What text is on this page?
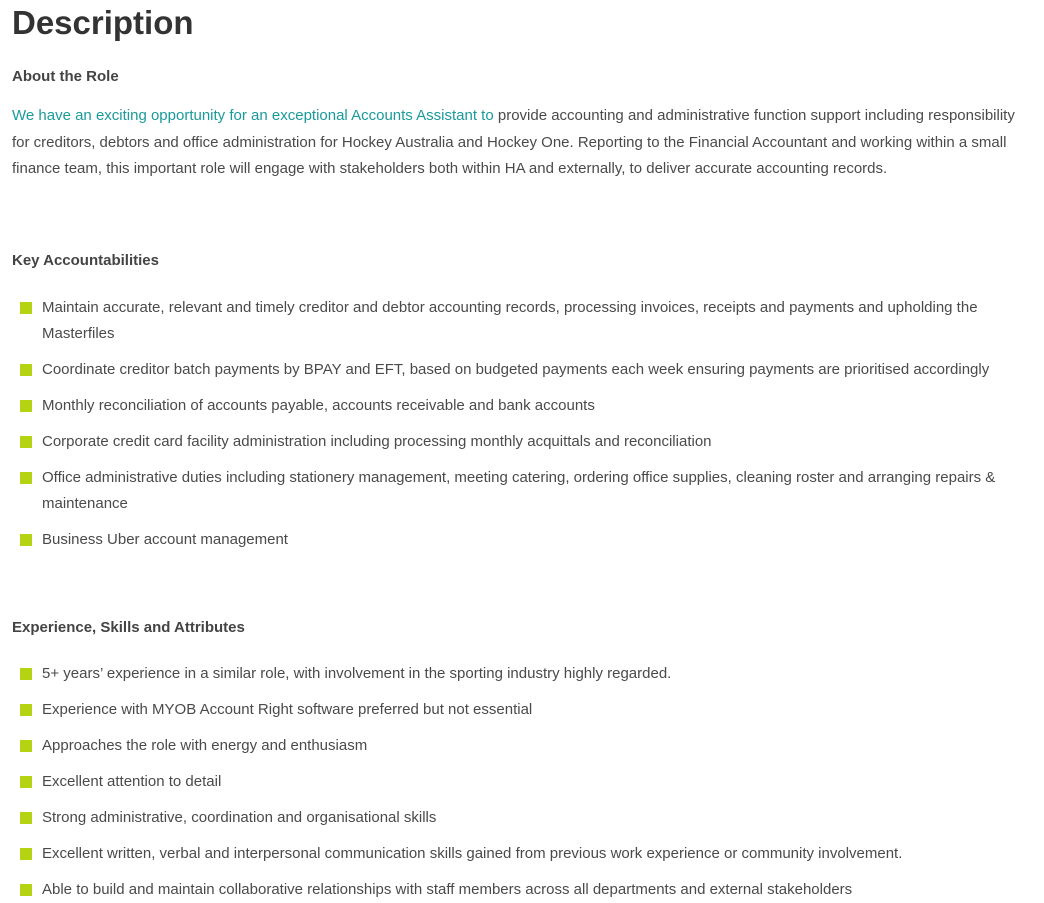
Description
About the Role

We have an exciting opportunity for an exceptional Accounts Assistant to provide accounting and administrative function support including responsibility for creditors, debtors and office administration for Hockey Australia and Hockey One. Reporting to the Financial Accountant and working within a small finance team, this important role will engage with stakeholders both within HA and externally, to deliver accurate accounting records.

Key Accountabilities
Maintain accurate, relevant and timely creditor and debtor accounting records, processing invoices, receipts and payments and upholding the Masterfiles
Coordinate creditor batch payments by BPAY and EFT, based on budgeted payments each week ensuring payments are prioritised accordingly
Monthly reconciliation of accounts payable, accounts receivable and bank accounts
Corporate credit card facility administration including processing monthly acquittals and reconciliation
Office administrative duties including stationery management, meeting catering, ordering office supplies, cleaning roster and arranging repairs & maintenance
Business Uber account management
Experience, Skills and Attributes
5+ years’ experience in a similar role, with involvement in the sporting industry highly regarded.
Experience with MYOB Account Right software preferred but not essential
Approaches the role with energy and enthusiasm
Excellent attention to detail
Strong administrative, coordination and organisational skills
Excellent written, verbal and interpersonal communication skills gained from previous work experience or community involvement.
Able to build and maintain collaborative relationships with staff members across all departments and external stakeholders
